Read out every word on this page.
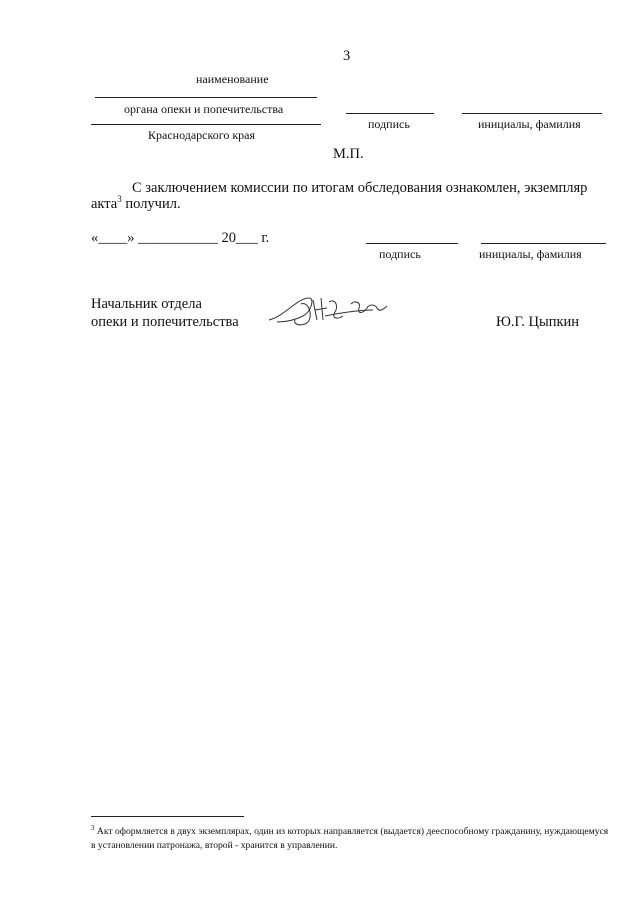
3
наименование
органа опеки и попечительства
Краснодарского края
подпись	инициалы, фамилия
М.П.
С заключением комиссии по итогам обследования ознакомлен, экземпляр
акта$^3$ получил.
«____» ___________ 20___ г.
подпись	инициалы, фамилия
Начальник отдела
опеки и попечительства	Ю.Г. Цыпкин
$^3$ Акт оформляется в двух экземплярах, один из которых направляется (выдается) дееспособному гражданину, нуждающемуся в установлении патронажа, второй - хранится в управлении.
